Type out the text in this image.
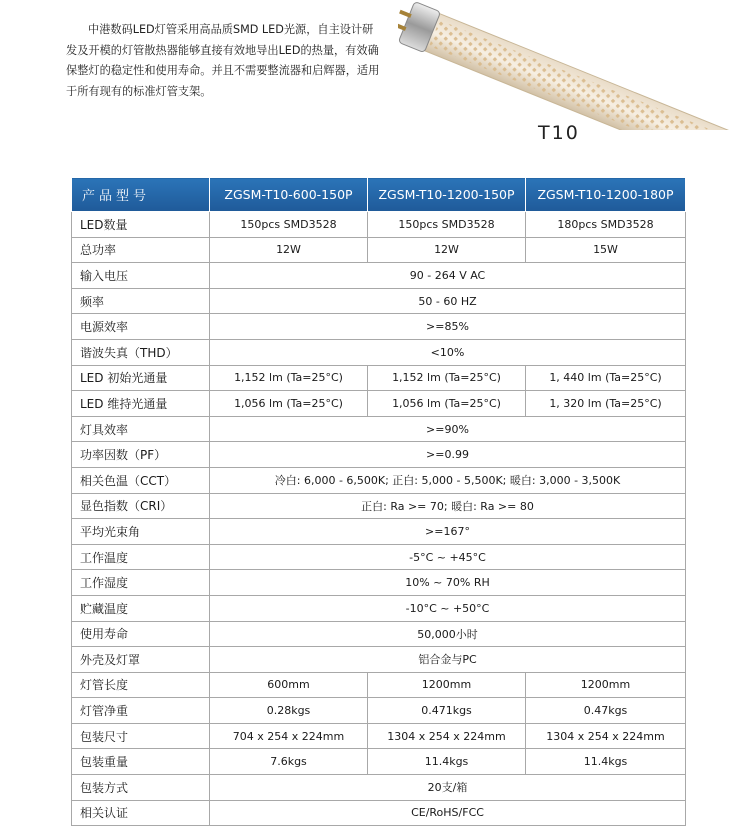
中港数码LED灯管采用高品质SMD LED光源，自主设计研发及开模的灯管散热器能够直接有效地导出LED的热量，有效确保整灯的稳定性和使用寿命。并且不需要整流器和启辉器，适用于所有现有的标准灯管支架。

T10
产品型号	ZGSM-T10-600-150P	ZGSM-T10-1200-150P	ZGSM-T10-1200-180P
LED数量	150pcs SMD3528	150pcs SMD3528	180pcs SMD3528
总功率	12W	12W	15W
输入电压	90 - 264 V AC		
频率	50 - 60 HZ		
电源效率	>=85%		
谐波失真（THD）	<10%		
LED 初始光通量	1,152 lm (Ta=25°C)	1,152 lm (Ta=25°C)	1, 440 lm (Ta=25°C)
LED 维持光通量	1,056 lm (Ta=25°C)	1,056 lm (Ta=25°C)	1, 320 lm (Ta=25°C)
灯具效率	>=90%		
功率因数（PF）	>=0.99		
相关色温（CCT）	冷白: 6,000 - 6,500K; 正白: 5,000 - 5,500K; 暖白: 3,000 - 3,500K		
显色指数（CRI）	正白: Ra >= 70; 暖白: Ra >= 80		
平均光束角	>=167°		
工作温度	-5°C ~ +45°C		
工作湿度	10% ~ 70% RH		
贮藏温度	-10°C ~ +50°C		
使用寿命	50,000小时		
外壳及灯罩	铝合金与PC		
灯管长度	600mm	1200mm	1200mm
灯管净重	0.28kgs	0.471kgs	0.47kgs
包装尺寸	704 x 254 x 224mm	1304 x 254 x 224mm	1304 x 254 x 224mm
包装重量	7.6kgs	11.4kgs	11.4kgs
包装方式	20支/箱		
相关认证	CE/RoHS/FCC		
